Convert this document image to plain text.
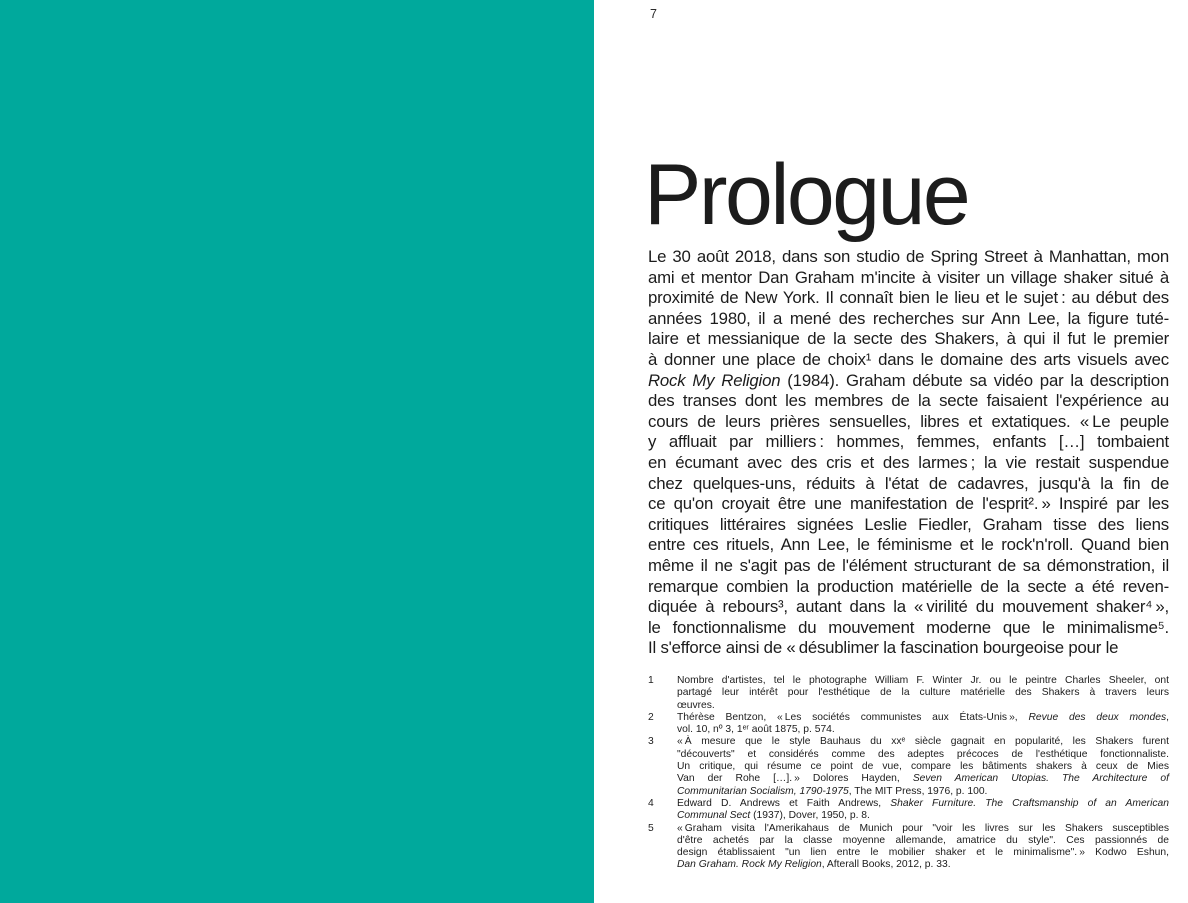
7
Prologue
Le 30 août 2018, dans son studio de Spring Street à Manhattan, mon
ami et mentor Dan Graham m'incite à visiter un village shaker situé à
proximité de New York. Il connaît bien le lieu et le sujet : au début des
années 1980, il a mené des recherches sur Ann Lee, la figure tuté-
laire et messianique de la secte des Shakers, à qui il fut le premier
à donner une place de choix¹ dans le domaine des arts visuels avec
Rock My Religion (1984). Graham débute sa vidéo par la description
des transes dont les membres de la secte faisaient l'expérience au
cours de leurs prières sensuelles, libres et extatiques. « Le peuple
y affluait par milliers : hommes, femmes, enfants […] tombaient
en écumant avec des cris et des larmes ; la vie restait suspendue
chez quelques-uns, réduits à l'état de cadavres, jusqu'à la fin de
ce qu'on croyait être une manifestation de l'esprit². » Inspiré par les
critiques littéraires signées Leslie Fiedler, Graham tisse des liens
entre ces rituels, Ann Lee, le féminisme et le rock'n'roll. Quand bien
même il ne s'agit pas de l'élément structurant de sa démonstration, il
remarque combien la production matérielle de la secte a été reven-
diquée à rebours³, autant dans la « virilité du mouvement shaker⁴ »,
le fonctionnalisme du mouvement moderne que le minimalisme⁵.
Il s'efforce ainsi de « désublimer la fascination bourgeoise pour le
1	Nombre d'artistes, tel le photographe William F. Winter Jr. ou le peintre Charles Sheeler, ont
partagé leur intérêt pour l'esthétique de la culture matérielle des Shakers à travers leurs
œuvres.
2	Thérèse Bentzon, « Les sociétés communistes aux États-Unis », Revue des deux mondes,
vol. 10, nº 3, 1ᵉʳ août 1875, p. 574.
3	« À mesure que le style Bauhaus du xxᵉ siècle gagnait en popularité, les Shakers furent
"découverts" et considérés comme des adeptes précoces de l'esthétique fonctionnaliste.
Un critique, qui résume ce point de vue, compare les bâtiments shakers à ceux de Mies
Van der Rohe […]. » Dolores Hayden, Seven American Utopias. The Architecture of
Communitarian Socialism, 1790-1975, The MIT Press, 1976, p. 100.
4	Edward D. Andrews et Faith Andrews, Shaker Furniture. The Craftsmanship of an American
Communal Sect (1937), Dover, 1950, p. 8.
5	« Graham visita l'Amerikahaus de Munich pour "voir les livres sur les Shakers susceptibles
d'être achetés par la classe moyenne allemande, amatrice du style". Ces passionnés de
design établissaient "un lien entre le mobilier shaker et le minimalisme". » Kodwo Eshun,
Dan Graham. Rock My Religion, Afterall Books, 2012, p. 33.
